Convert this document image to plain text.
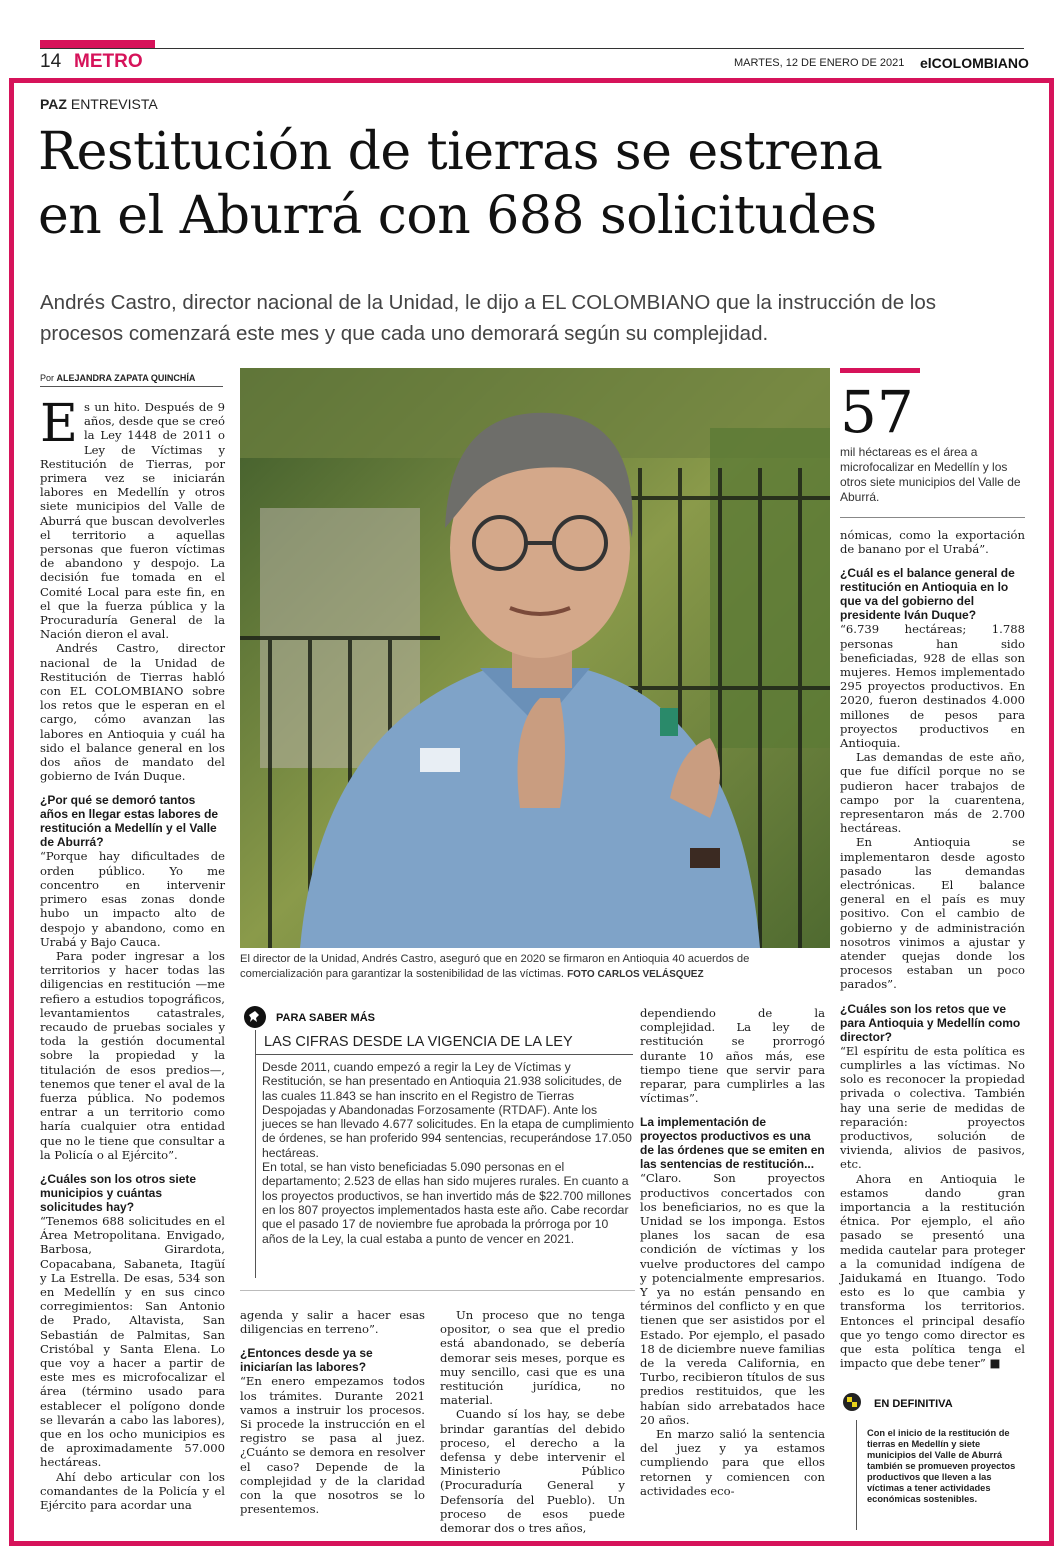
14 METRO	MARTES, 12 DE ENERO DE 2021 elCOLOMBIANO
PAZ ENTREVISTA
Restitución de tierras se estrena
en el Aburrá con 688 solicitudes
Andrés Castro, director nacional de la Unidad, le dijo a EL COLOMBIANO que la instrucción de los
procesos comenzará este mes y que cada uno demorará según su complejidad.
Por ALEJANDRA ZAPATA QUINCHÍA
E s un hito. Después de 9 años, desde que se creó la Ley 1448 de 2011 o Ley de Víctimas y Restitución de Tierras, por primera vez se iniciarán labores en Medellín y otros siete municipios del Valle de Aburrá que buscan devolverles el territorio a aquellas personas que fueron víctimas de abandono y despojo. La decisión fue tomada en el Comité Local para este fin, en el que la fuerza pública y la Procuraduría General de la Nación dieron el aval.

Andrés Castro, director nacional de la Unidad de Restitución de Tierras habló con EL COLOMBIANO sobre los retos que le esperan en el cargo, cómo avanzan las labores en Antioquia y cuál ha sido el balance general en los dos años de mandato del gobierno de Iván Duque.

¿Por qué se demoró tantos años en llegar estas labores de restitución a Medellín y el Valle de Aburrá?

“Porque hay dificultades de orden público. Yo me concentro en intervenir primero esas zonas donde hubo un impacto alto de despojo y abandono, como en Urabá y Bajo Cauca.

Para poder ingresar a los territorios y hacer todas las diligencias en restitución —me refiero a estudios topográficos, levantamientos catastrales, recaudo de pruebas sociales y toda la gestión documental sobre la propiedad y la titulación de esos predios—, tenemos que tener el aval de la fuerza pública. No podemos entrar a un territorio como haría cualquier otra entidad que no le tiene que consultar a la Policía o al Ejército”.

¿Cuáles son los otros siete municipios y cuántas solicitudes hay?

“Tenemos 688 solicitudes en el Área Metropolitana. Envigado, Barbosa, Girardota, Copacabana, Sabaneta, Itagüí y La Estrella. De esas, 534 son en Medellín y en sus cinco corregimientos: San Antonio de Prado, Altavista, San Sebastián de Palmitas, San Cristóbal y Santa Elena. Lo que voy a hacer a partir de este mes es microfocalizar el área (término usado para establecer el polígono donde se llevarán a cabo las labores), que en los ocho municipios es de aproximadamente 57.000 hectáreas.

Ahí debo articular con los comandantes de la Policía y el Ejército para acordar una

El director de la Unidad, Andrés Castro, aseguró que en 2020 se firmaron en Antioquia 40 acuerdos de comercialización para garantizar la sostenibilidad de las víctimas. FOTO CARLOS VELÁSQUEZ
57
mil héctareas es el área a microfocalizar en Medellín y los otros siete municipios del Valle de Aburrá.

nómicas, como la exportación de banano por el Urabá”.

¿Cuál es el balance general de restitución en Antioquia en lo que va del gobierno del presidente Iván Duque?

“6.739 hectáreas; 1.788 personas han sido beneficiadas, 928 de ellas son mujeres. Hemos implementado 295 proyectos productivos. En 2020, fueron destinados 4.000 millones de pesos para proyectos productivos en Antioquia.

Las demandas de este año, que fue difícil porque no se pudieron hacer trabajos de campo por la cuarentena, representaron más de 2.700 hectáreas.

En Antioquia se implementaron desde agosto pasado las demandas electrónicas. El balance general en el país es muy positivo. Con el cambio de gobierno y de administración nosotros vinimos a ajustar y atender quejas donde los procesos estaban un poco parados”.

¿Cuáles son los retos que ve para Antioquia y Medellín como director?

“El espíritu de esta política es cumplirles a las víctimas. No solo es reconocer la propiedad privada o colectiva. También hay una serie de medidas de reparación: proyectos productivos, solución de vivienda, alivios de pasivos, etc.

Ahora en Antioquia le estamos dando gran importancia a la restitución étnica. Por ejemplo, el año pasado se presentó una medida cautelar para proteger a la comunidad indígena de Jaidukamá en Ituango. Todo esto es lo que cambia y transforma los territorios. Entonces el principal desafío que yo tengo como director es que esta política tenga el impacto que debe tener” ■

PARA SABER MÁS
LAS CIFRAS DESDE LA VIGENCIA DE LA LEY
Desde 2011, cuando empezó a regir la Ley de Víctimas y Restitución, se han presentado en Antioquia 21.938 solicitudes, de las cuales 11.843 se han inscrito en el Registro de Tierras Despojadas y Abandonadas Forzosamente (RTDAF). Ante los jueces se han llevado 4.677 solicitudes. En la etapa de cumplimiento de órdenes, se han proferido 994 sentencias, recuperándose 17.050 hectáreas.
En total, se han visto beneficiadas 5.090 personas en el departamento; 2.523 de ellas han sido mujeres rurales. En cuanto a los proyectos productivos, se han invertido más de $22.700 millones en los 807 proyectos implementados hasta este año. Cabe recordar que el pasado 17 de noviembre fue aprobada la prórroga por 10 años de la Ley, la cual estaba a punto de vencer en 2021.

agenda y salir a hacer esas diligencias en terreno”.

¿Entonces desde ya se iniciarían las labores?

“En enero empezamos todos los trámites. Durante 2021 vamos a instruir los procesos. Si procede la instrucción en el registro se pasa al juez. ¿Cuánto se demora en resolver el caso? Depende de la complejidad y de la claridad con la que nosotros se lo presentemos.

Un proceso que no tenga opositor, o sea que el predio está abandonado, se debería demorar seis meses, porque es muy sencillo, casi que es una restitución jurídica, no material.

Cuando sí los hay, se debe brindar garantías del debido proceso, el derecho a la defensa y debe intervenir el Ministerio Público (Procuraduría General y Defensoría del Pueblo). Un proceso de esos puede demorar dos o tres años,

dependiendo de la complejidad. La ley de restitución se prorrogó durante 10 años más, ese tiempo tiene que servir para reparar, para cumplirles a las víctimas”.

La implementación de proyectos productivos es una de las órdenes que se emiten en las sentencias de restitución...

“Claro. Son proyectos productivos concertados con los beneficiarios, no es que la Unidad se los imponga. Estos planes los sacan de esa condición de víctimas y los vuelve productores del campo y potencialmente empresarios. Y ya no están pensando en términos del conflicto y en que tienen que ser asistidos por el Estado. Por ejemplo, el pasado 18 de diciembre nueve familias de la vereda California, en Turbo, recibieron títulos de sus predios restituidos, que les habían sido arrebatados hace 20 años.

En marzo salió la sentencia del juez y ya estamos cumpliendo para que ellos retornen y comiencen con actividades eco-

EN DEFINITIVA
Con el inicio de la restitución de tierras en Medellín y siete municipios del Valle de Aburrá también se promueven proyectos productivos que lleven a las víctimas a tener actividades económicas sostenibles.
